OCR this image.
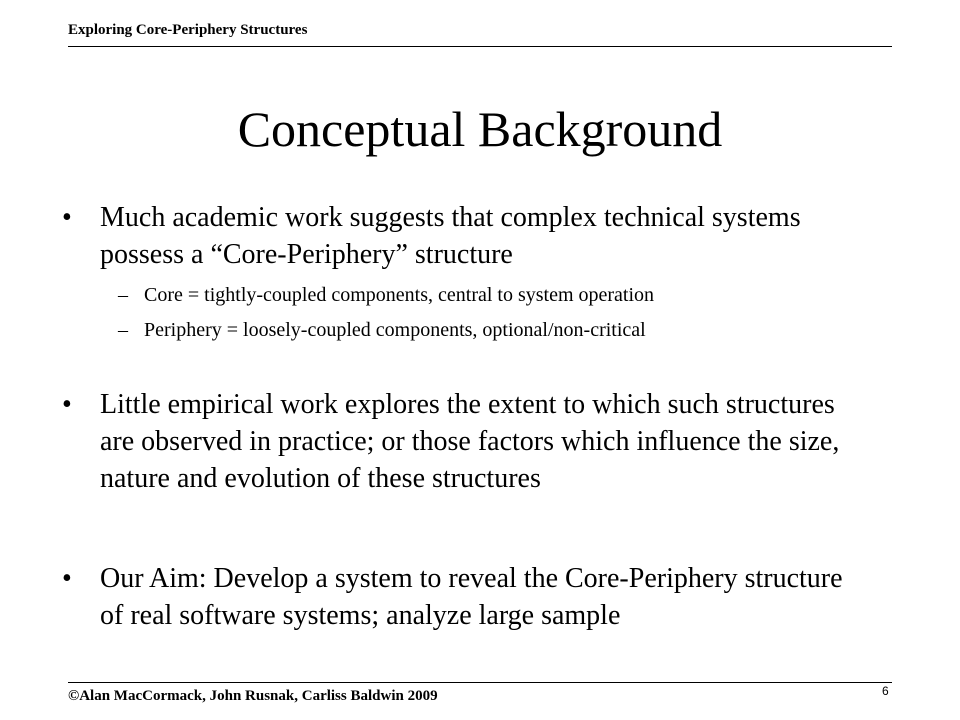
Exploring Core-Periphery Structures
Conceptual Background
• Much academic work suggests that complex technical systems possess a “Core-Periphery” structure
– Core = tightly-coupled components, central to system operation
– Periphery = loosely-coupled components, optional/non-critical
• Little empirical work explores the extent to which such structures are observed in practice; or those factors which influence the size, nature and evolution of these structures
• Our Aim: Develop a system to reveal the Core-Periphery structure of real software systems; analyze large sample
©Alan MacCormack, John Rusnak, Carliss Baldwin 2009	6
